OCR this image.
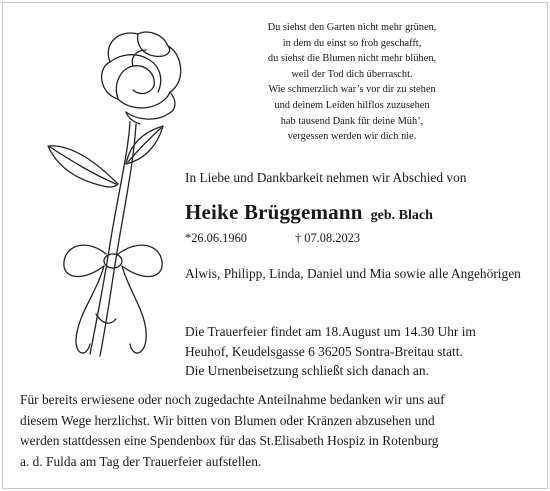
Du siehst den Garten nicht mehr grünen,
in dem du einst so froh geschafft,
du siehst die Blumen nicht mehr blühen,
weil der Tod dich überrascht.
Wie schmerzlich war’s vor dir zu stehen
und deinem Leiden hilflos zuzusehen
hab tausend Dank für deine Müh’,
vergessen werden wir dich nie.
In Liebe und Dankbarkeit nehmen wir Abschied von
Heike Brüggemann geb. Blach
*26.06.1960	† 07.08.2023
Alwis, Philipp, Linda, Daniel und Mia sowie alle Angehörigen
Die Trauerfeier findet am 18.August um 14.30 Uhr im
Heuhof, Keudelsgasse 6 36205 Sontra-Breitau statt.
Die Urnenbeisetzung schließt sich danach an.
Für bereits erwiesene oder noch zugedachte Anteilnahme bedanken wir uns auf
diesem Wege herzlichst. Wir bitten von Blumen oder Kränzen abzusehen und
werden stattdessen eine Spendenbox für das St.Elisabeth Hospiz in Rotenburg
a. d. Fulda am Tag der Trauerfeier aufstellen.
